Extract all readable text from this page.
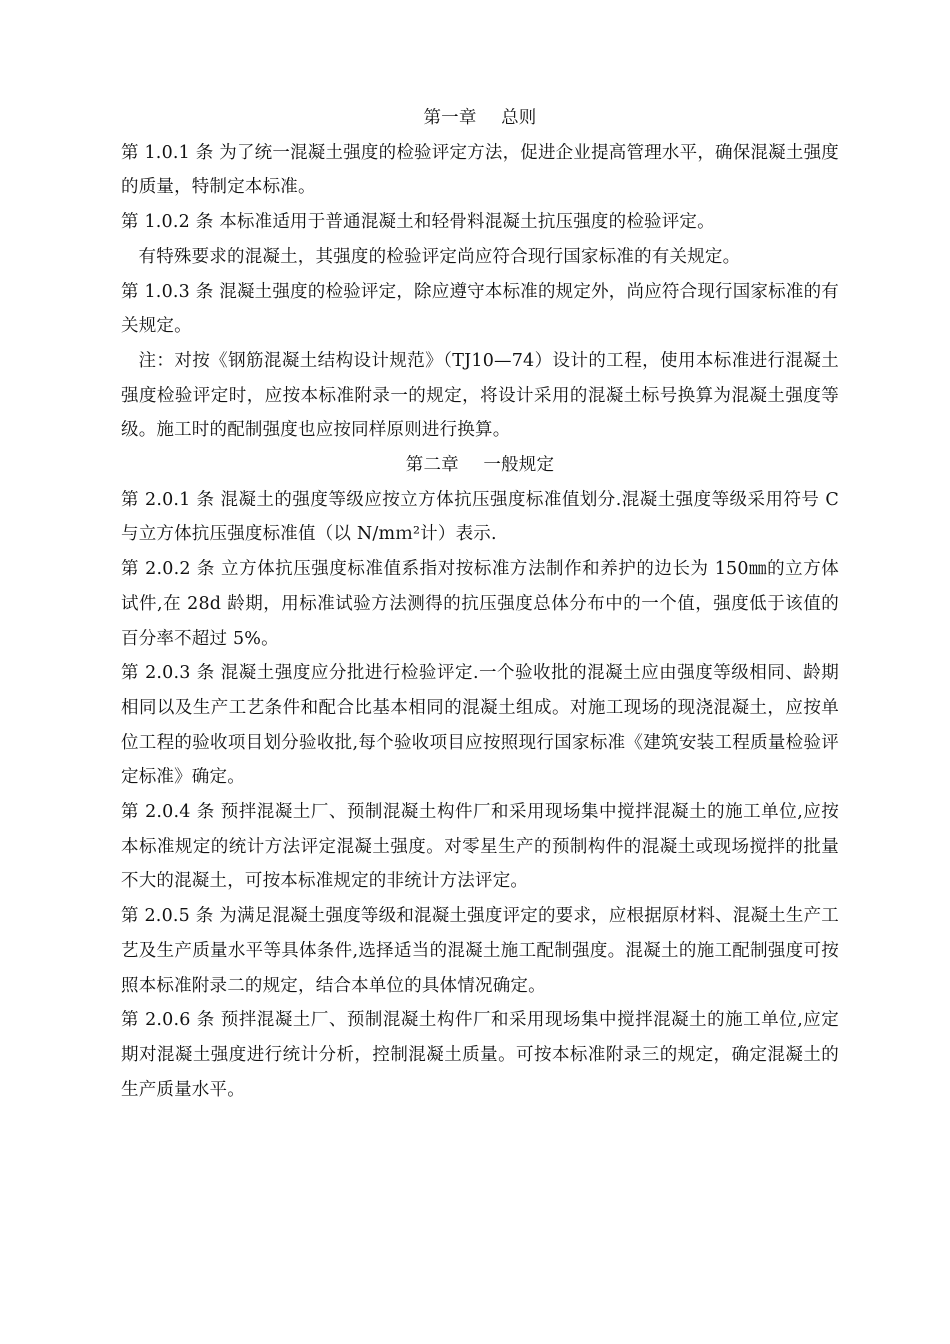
第一章 总则

第 1.0.1 条 为了统一混凝土强度的检验评定方法，促进企业提高管理水平，确保混凝土强度的质量，特制定本标准。

第 1.0.2 条 本标准适用于普通混凝土和轻骨料混凝土抗压强度的检验评定。

有特殊要求的混凝土，其强度的检验评定尚应符合现行国家标准的有关规定。

第 1.0.3 条 混凝土强度的检验评定，除应遵守本标准的规定外，尚应符合现行国家标准的有关规定。

注：对按《钢筋混凝土结构设计规范》（TJ10—74）设计的工程，使用本标准进行混凝土强度检验评定时，应按本标准附录一的规定，将设计采用的混凝土标号换算为混凝土强度等级。施工时的配制强度也应按同样原则进行换算。

第二章 一般规定

第 2.0.1 条 混凝土的强度等级应按立方体抗压强度标准值划分.混凝土强度等级采用符号 C 与立方体抗压强度标准值（以 N/mｍ²计）表示.

第 2.0.2 条 立方体抗压强度标准值系指对按标准方法制作和养护的边长为 150㎜的立方体试件,在 28d 龄期，用标准试验方法测得的抗压强度总体分布中的一个值，强度低于该值的百分率不超过 5%。

第 2.0.3 条 混凝土强度应分批进行检验评定.一个验收批的混凝土应由强度等级相同、龄期相同以及生产工艺条件和配合比基本相同的混凝土组成。对施工现场的现浇混凝土，应按单位工程的验收项目划分验收批,每个验收项目应按照现行国家标准《建筑安装工程质量检验评定标准》确定。

第 2.0.4 条 预拌混凝土厂、预制混凝土构件厂和采用现场集中搅拌混凝土的施工单位,应按本标准规定的统计方法评定混凝土强度。对零星生产的预制构件的混凝土或现场搅拌的批量不大的混凝土，可按本标准规定的非统计方法评定。

第 2.0.5 条 为满足混凝土强度等级和混凝土强度评定的要求，应根据原材料、混凝土生产工艺及生产质量水平等具体条件,选择适当的混凝土施工配制强度。混凝土的施工配制强度可按照本标准附录二的规定，结合本单位的具体情况确定。

第 2.0.6 条 预拌混凝土厂、预制混凝土构件厂和采用现场集中搅拌混凝土的施工单位,应定期对混凝土强度进行统计分析，控制混凝土质量。可按本标准附录三的规定，确定混凝土的生产质量水平。
